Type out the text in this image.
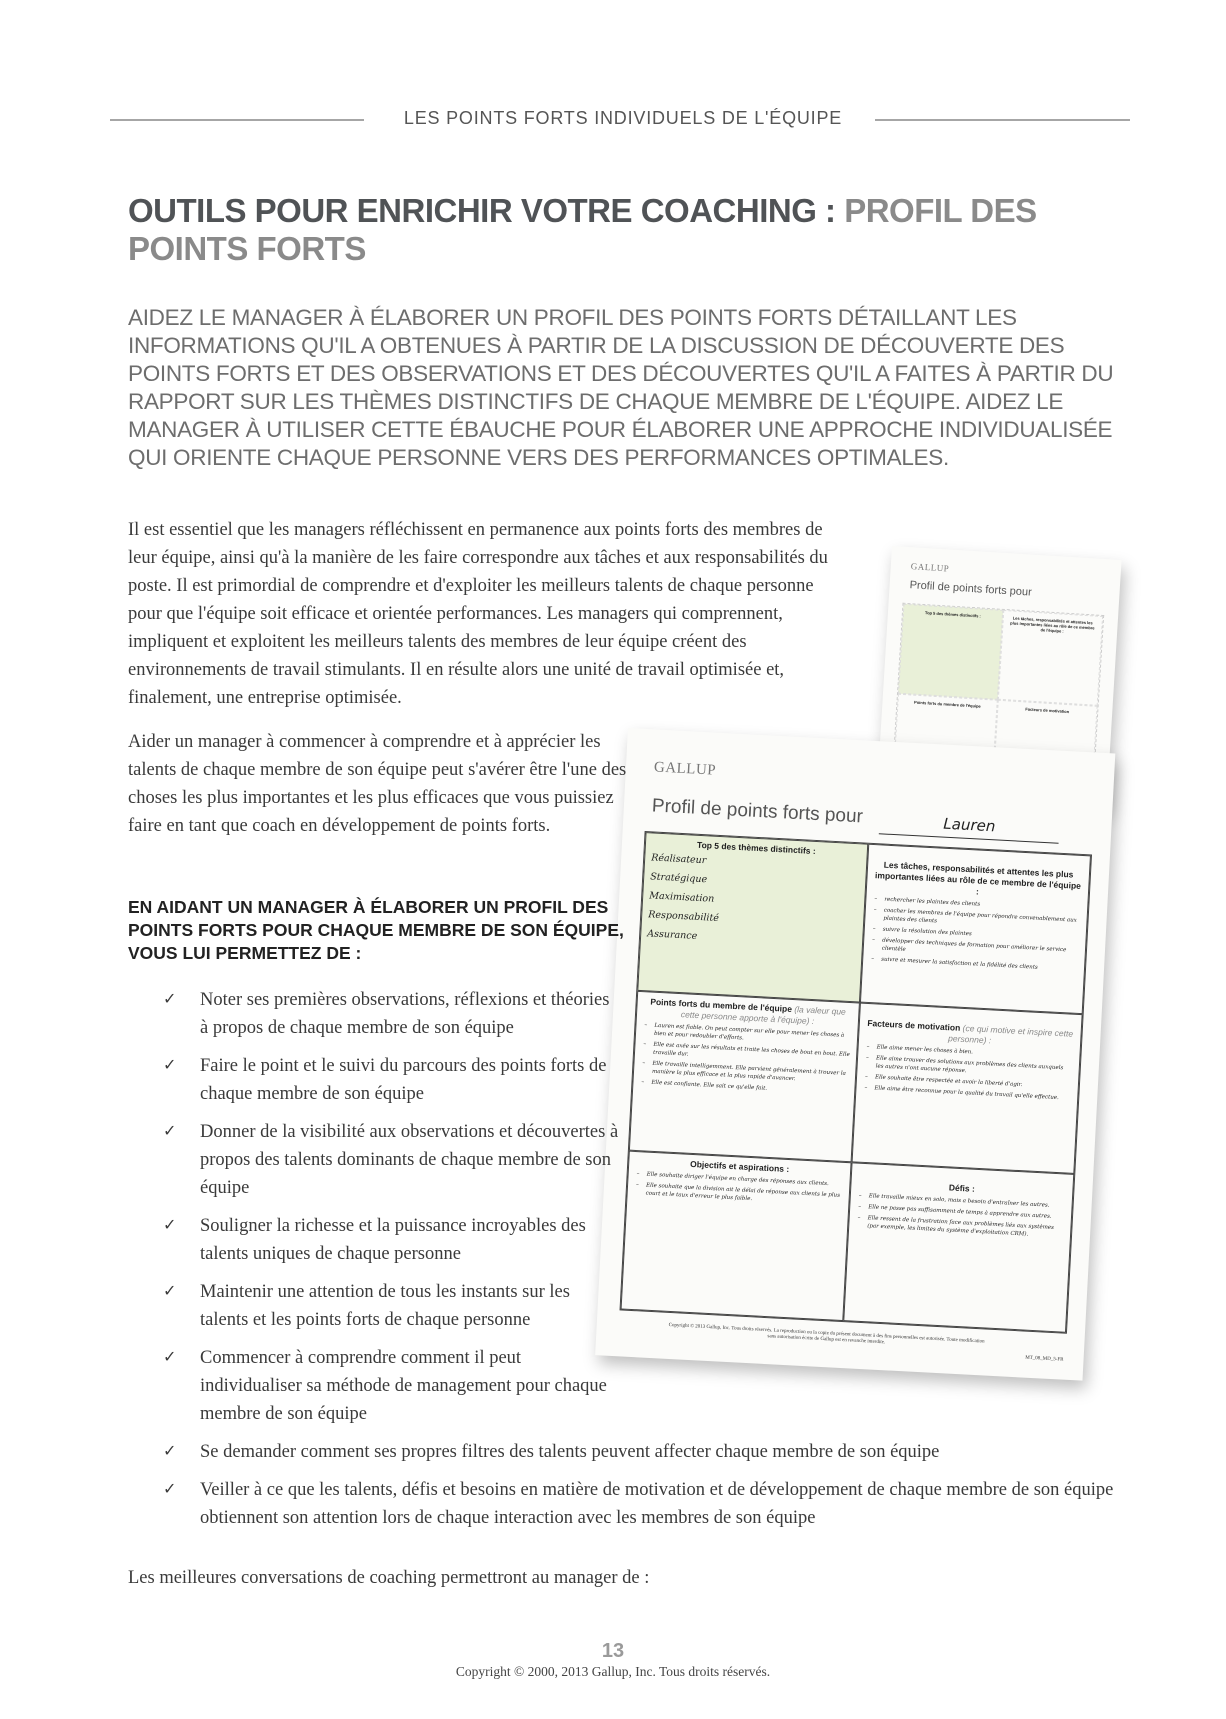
LES POINTS FORTS INDIVIDUELS DE L'ÉQUIPE
OUTILS POUR ENRICHIR VOTRE COACHING : PROFIL DES POINTS FORTS
AIDEZ LE MANAGER À ÉLABORER UN PROFIL DES POINTS FORTS DÉTAILLANT LES INFORMATIONS QU'IL A OBTENUES À PARTIR DE LA DISCUSSION DE DÉCOUVERTE DES POINTS FORTS ET DES OBSERVATIONS ET DES DÉCOUVERTES QU'IL A FAITES À PARTIR DU RAPPORT SUR LES THÈMES DISTINCTIFS DE CHAQUE MEMBRE DE L'ÉQUIPE. AIDEZ LE MANAGER À UTILISER CETTE ÉBAUCHE POUR ÉLABORER UNE APPROCHE INDIVIDUALISÉE QUI ORIENTE CHAQUE PERSONNE VERS DES PERFORMANCES OPTIMALES.
Il est essentiel que les managers réfléchissent en permanence aux points forts des membres de leur équipe, ainsi qu'à la manière de les faire correspondre aux tâches et aux responsabilités du poste. Il est primordial de comprendre et d'exploiter les meilleurs talents de chaque personne pour que l'équipe soit efficace et orientée performances. Les managers qui comprennent, impliquent et exploitent les meilleurs talents des membres de leur équipe créent des environnements de travail stimulants. Il en résulte alors une unité de travail optimisée et, finalement, une entreprise optimisée.
GALLUP
Profil de points forts pour
Top 5 des thèmes distinctifs :
Les tâches, responsabilités et attentes les plus importantes liées au rôle de ce membre de l'équipe :
Points forts du membre de l'équipe
Facteurs de motivation
GALLUP
Profil de points forts pour	Lauren
Top 5 des thèmes distinctifs :
Réalisateur
Stratégique
Maximisation
Responsabilité
Assurance
Les tâches, responsabilités et attentes les plus importantes liées au rôle de ce membre de l'équipe :
– rechercher les plaintes des clients
– coacher les membres de l'équipe pour répondre convenablement aux plaintes des clients
– suivre la résolution des plaintes
– développer des techniques de formation pour améliorer le service clientèle
– suivre et mesurer la satisfaction et la fidélité des clients
Points forts du membre de l'équipe (la valeur que cette personne apporte à l'équipe) :
– Lauren est fiable. On peut compter sur elle pour mener les choses à bien et pour redoubler d'efforts.
– Elle est axée sur les résultats et traite les choses de bout en bout. Elle travaille dur.
– Elle travaille intelligemment. Elle parvient généralement à trouver la manière la plus efficace et la plus rapide d'avancer.
– Elle est confiante. Elle sait ce qu'elle fait.
Facteurs de motivation (ce qui motive et inspire cette personne) :
– Elle aime mener les choses à bien.
– Elle aime trouver des solutions aux problèmes des clients auxquels les autres n'ont aucune réponse.
– Elle souhaite être respectée et avoir la liberté d'agir.
– Elle aime être reconnue pour la qualité du travail qu'elle effectue.
Objectifs et aspirations :
– Elle souhaite diriger l'équipe en charge des réponses aux clients.
– Elle souhaite que la division ait le délai de réponse aux clients le plus court et le taux d'erreur le plus faible.
Défis :
– Elle travaille mieux en solo, mais a besoin d'entraîner les autres.
– Elle ne passe pas suffisamment de temps à apprendre aux autres.
– Elle ressent de la frustration face aux problèmes liés aux systèmes (par exemple, les limites du système d'exploitation CRM).
Copyright © 2013 Gallup, Inc. Tous droits réservés. La reproduction ou la copie du présent document à des fins personnelles est autorisée. Toute modification sans autorisation écrite de Gallup est en revanche interdite.
MT_08_MD_5-FR
Aider un manager à commencer à comprendre et à apprécier les talents de chaque membre de son équipe peut s'avérer être l'une des choses les plus importantes et les plus efficaces que vous puissiez faire en tant que coach en développement de points forts.
EN AIDANT UN MANAGER À ÉLABORER UN PROFIL DES POINTS FORTS POUR CHAQUE MEMBRE DE SON ÉQUIPE, VOUS LUI PERMETTEZ DE :
✓ Noter ses premières observations, réflexions et théories à propos de chaque membre de son équipe
✓ Faire le point et le suivi du parcours des points forts de chaque membre de son équipe
✓ Donner de la visibilité aux observations et découvertes à propos des talents dominants de chaque membre de son équipe
✓ Souligner la richesse et la puissance incroyables des talents uniques de chaque personne
✓ Maintenir une attention de tous les instants sur les talents et les points forts de chaque personne
✓ Commencer à comprendre comment il peut individualiser sa méthode de management pour chaque membre de son équipe
✓ Se demander comment ses propres filtres des talents peuvent affecter chaque membre de son équipe
✓ Veiller à ce que les talents, défis et besoins en matière de motivation et de développement de chaque membre de son équipe obtiennent son attention lors de chaque interaction avec les membres de son équipe
Les meilleures conversations de coaching permettront au manager de :
13
Copyright © 2000, 2013 Gallup, Inc. Tous droits réservés.
